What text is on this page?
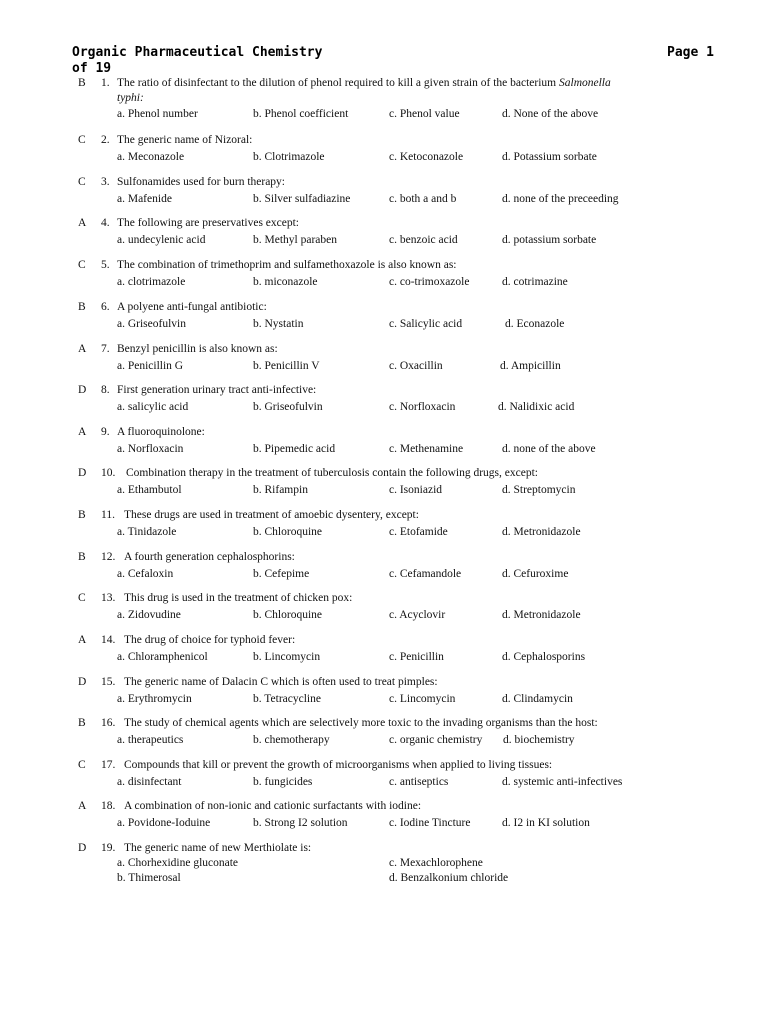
Organic Pharmaceutical Chemistry	Page 1
of 19
B 1. The ratio of disinfectant to the dilution of phenol required to kill a given strain of the bacterium Salmonella
typhi:
a. Phenol number	b. Phenol coefficient	c. Phenol value	d. None of the above
C 2. The generic name of Nizoral:
a. Meconazole	b. Clotrimazole	c. Ketoconazole	d. Potassium sorbate
C 3. Sulfonamides used for burn therapy:
a. Mafenide	b. Silver sulfadiazine	c. both a and b	d. none of the preceeding
A 4. The following are preservatives except:
a. undecylenic acid	b. Methyl paraben	c. benzoic acid	d. potassium sorbate
C 5. The combination of trimethoprim and sulfamethoxazole is also known as:
a. clotrimazole	b. miconazole	c. co-trimoxazole	d. cotrimazine
B 6. A polyene anti-fungal antibiotic:
a. Griseofulvin	b. Nystatin	c. Salicylic acid	d. Econazole
A 7. Benzyl penicillin is also known as:
a. Penicillin G	b. Penicillin V	c. Oxacillin	d. Ampicillin
D 8. First generation urinary tract anti-infective:
a. salicylic acid	b. Griseofulvin	c. Norfloxacin	d. Nalidixic acid
A 9. A fluoroquinolone:
a. Norfloxacin	b. Pipemedic acid	c. Methenamine	d. none of the above
D 10. Combination therapy in the treatment of tuberculosis contain the following drugs, except:
a. Ethambutol	b. Rifampin	c. Isoniazid	d. Streptomycin
B 11. These drugs are used in treatment of amoebic dysentery, except:
a. Tinidazole	b. Chloroquine	c. Etofamide	d. Metronidazole
B 12. A fourth generation cephalosphorins:
a. Cefaloxin	b. Cefepime	c. Cefamandole	d. Cefuroxime
C 13. This drug is used in the treatment of chicken pox:
a. Zidovudine	b. Chloroquine	c. Acyclovir	d. Metronidazole
A 14. The drug of choice for typhoid fever:
a. Chloramphenicol	b. Lincomycin	c. Penicillin	d. Cephalosporins
D 15. The generic name of Dalacin C which is often used to treat pimples:
a. Erythromycin	b. Tetracycline	c. Lincomycin	d. Clindamycin
B 16. The study of chemical agents which are selectively more toxic to the invading organisms than the host:
a. therapeutics	b. chemotherapy	c. organic chemistry d. biochemistry
C 17. Compounds that kill or prevent the growth of microorganisms when applied to living tissues:
a. disinfectant	b. fungicides	c. antiseptics	d. systemic anti-infectives
A 18. A combination of non-ionic and cationic surfactants with iodine:
a. Povidone-Ioduine	b. Strong I2 solution	c. Iodine Tincture	d. I2 in KI solution
D 19. The generic name of new Merthiolate is:
a. Chorhexidine gluconate	c. Mexachlorophene
b. Thimerosal	d. Benzalkonium chloride
